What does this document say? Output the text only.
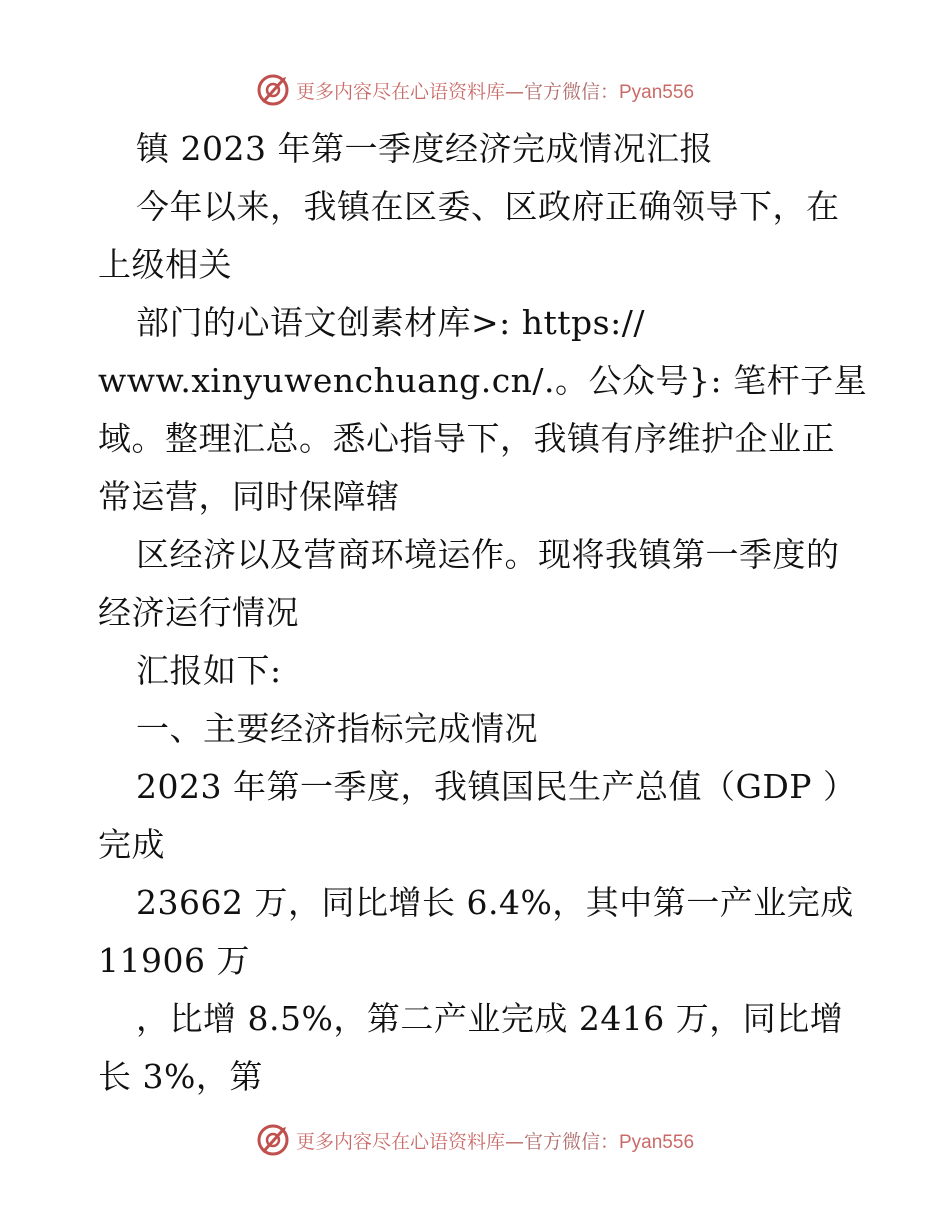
更多内容尽在心语资料库—官方微信：Pyan556
镇 2023 年第一季度经济完成情况汇报
今年以来，我镇在区委、区政府正确领导下，在
上级相关
部门的心语文创素材库>: https://
www.xinyuwenchuang.cn/.。公众号}: 笔杆子星
域。整理汇总。悉心指导下，我镇有序维护企业正
常运营，同时保障辖
区经济以及营商环境运作。现将我镇第一季度的
经济运行情况
汇报如下:
一、主要经济指标完成情况
2023 年第一季度，我镇国民生产总值（GDP ）
完成
23662 万，同比增长 6.4%，其中第一产业完成
11906 万
，比增 8.5%，第二产业完成 2416 万，同比增
长 3%，第
更多内容尽在心语资料库—官方微信：Pyan556
